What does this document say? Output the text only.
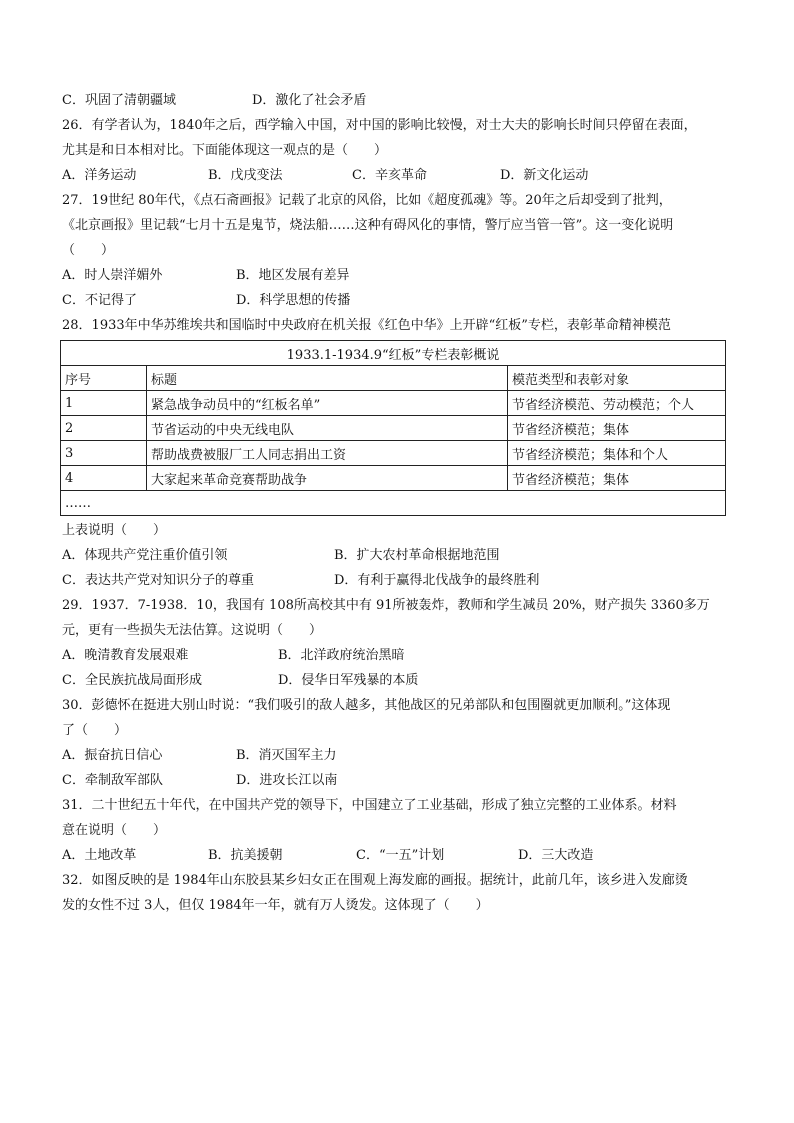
C．巩固了清朝疆域	D．激化了社会矛盾
26．有学者认为，1840年之后，西学输入中国，对中国的影响比较慢，对士大夫的影响长时间只停留在表面，
尤其是和日本相对比。下面能体现这一观点的是（　　）
A．洋务运动	B．戊戌变法	C．辛亥革命	D．新文化运动
27．19世纪 80年代，《点石斋画报》记载了北京的风俗，比如《超度孤魂》等。20年之后却受到了批判，
《北京画报》里记载“七月十五是鬼节，烧法船……这种有碍风化的事情，警厅应当管一管”。这一变化说明
（　　）
A．时人崇洋媚外	B．地区发展有差异
C．不记得了	D．科学思想的传播
28．1933年中华苏维埃共和国临时中央政府在机关报《红色中华》上开辟“红板”专栏，表彰革命精神模范
1933.1-1934.9“红板”专栏表彰概说		
序号	标题	模范类型和表彰对象
1	紧急战争动员中的“红板名单”	节省经济模范、劳动模范；个人
2	节省运动的中央无线电队	节省经济模范；集体
3	帮助战费被服厂工人同志捐出工资	节省经济模范；集体和个人
4	大家起来革命竞赛帮助战争	节省经济模范；集体
……		
上表说明（　　）
A．体现共产党注重价值引领	B．扩大农村革命根据地范围
C．表达共产党对知识分子的尊重	D．有利于赢得北伐战争的最终胜利
29．1937．7-1938．10，我国有 108所高校其中有 91所被轰炸，教师和学生减员 20%，财产损失 3360多万
元，更有一些损失无法估算。这说明（　　）
A．晚清教育发展艰难	B．北洋政府统治黑暗
C．全民族抗战局面形成	D．侵华日军残暴的本质
30．彭德怀在挺进大别山时说：“我们吸引的敌人越多，其他战区的兄弟部队和包围圈就更加顺利。”这体现
了（　　）
A．振奋抗日信心	B．消灭国军主力
C．牵制敌军部队	D．进攻长江以南
31．二十世纪五十年代，在中国共产党的领导下，中国建立了工业基础，形成了独立完整的工业体系。材料
意在说明（　　）
A．土地改革	B．抗美援朝	C．“一五”计划	D．三大改造
32．如图反映的是 1984年山东胶县某乡妇女正在围观上海发廊的画报。据统计，此前几年，该乡进入发廊烫
发的女性不过 3人，但仅 1984年一年，就有万人烫发。这体现了（　　）
